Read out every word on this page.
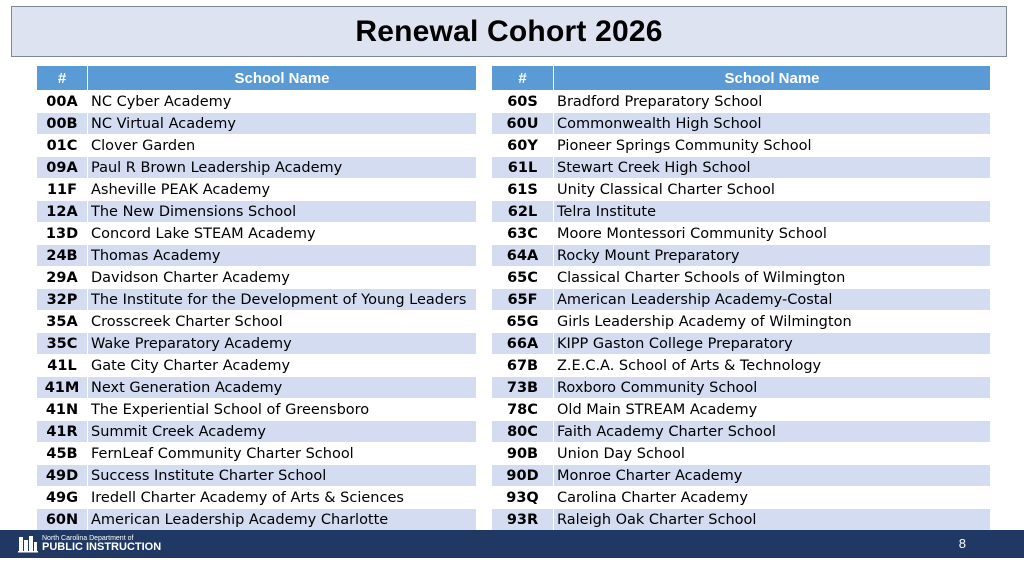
Renewal Cohort 2026
#	School Name
00A	NC Cyber Academy
00B	NC Virtual Academy
01C	Clover Garden
09A	Paul R Brown Leadership Academy
11F	Asheville PEAK Academy
12A	The New Dimensions School
13D	Concord Lake STEAM Academy
24B	Thomas Academy
29A	Davidson Charter Academy
32P	The Institute for the Development of Young Leaders
35A	Crosscreek Charter School
35C	Wake Preparatory Academy
41L	Gate City Charter Academy
41M	Next Generation Academy
41N	The Experiential School of Greensboro
41R	Summit Creek Academy
45B	FernLeaf Community Charter School
49D	Success Institute Charter School
49G	Iredell Charter Academy of Arts & Sciences
60N	American Leadership Academy Charlotte
#	School Name
60S	Bradford Preparatory School
60U	Commonwealth High School
60Y	Pioneer Springs Community School
61L	Stewart Creek High School
61S	Unity Classical Charter School
62L	Telra Institute
63C	Moore Montessori Community School
64A	Rocky Mount Preparatory
65C	Classical Charter Schools of Wilmington
65F	American Leadership Academy-Costal
65G	Girls Leadership Academy of Wilmington
66A	KIPP Gaston College Preparatory
67B	Z.E.C.A. School of Arts & Technology
73B	Roxboro Community School
78C	Old Main STREAM Academy
80C	Faith Academy Charter School
90B	Union Day School
90D	Monroe Charter Academy
93Q	Carolina Charter Academy
93R	Raleigh Oak Charter School
North Carolina Department of
PUBLIC INSTRUCTION	8
